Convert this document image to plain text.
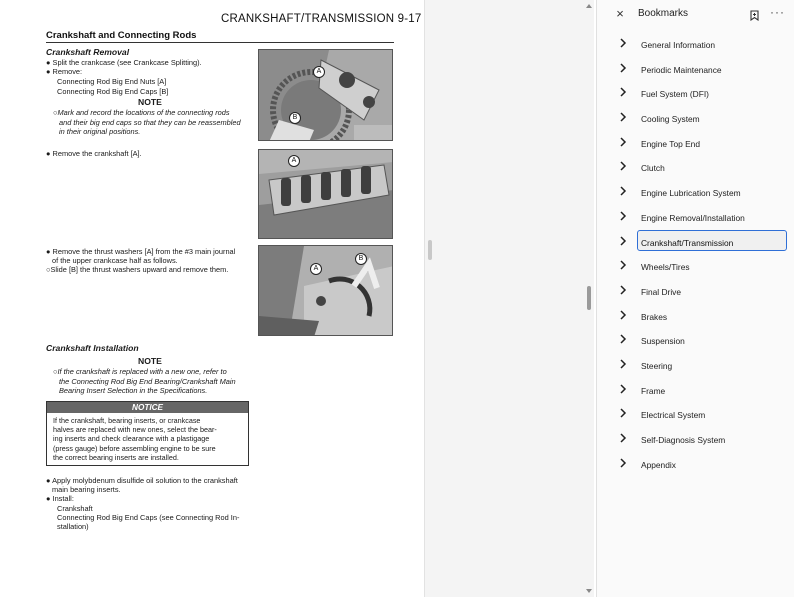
CRANKSHAFT/TRANSMISSION 9-17
Crankshaft and Connecting Rods
Crankshaft Removal
● Split the crankcase (see Crankcase Splitting).
● Remove:
Connecting Rod Big End Nuts [A]
Connecting Rod Big End Caps [B]
NOTE
○Mark and record the locations of the connecting rods
and their big end caps so that they can be reassembled
in their original positions.
● Remove the crankshaft [A].
● Remove the thrust washers [A] from the #3 main journal
of the upper crankcase half as follows.
○Slide [B] the thrust washers upward and remove them.
A
B
A
A
B
Crankshaft Installation
NOTE
○If the crankshaft is replaced with a new one, refer to
the Connecting Rod Big End Bearing/Crankshaft Main
Bearing Insert Selection in the Specifications.
NOTICE
If the crankshaft, bearing inserts, or crankcase
halves are replaced with new ones, select the bear-
ing inserts and check clearance with a plastigage
(press gauge) before assembling engine to be sure
the correct bearing inserts are installed.
● Apply molybdenum disulfide oil solution to the crankshaft
main bearing inserts.
● Install:
Crankshaft
Connecting Rod Big End Caps (see Connecting Rod In-
stallation)
×	Bookmarks	···
General Information
Periodic Maintenance
Fuel System (DFI)
Cooling System
Engine Top End
Clutch
Engine Lubrication System
Engine Removal/Installation
Crankshaft/Transmission
Wheels/Tires
Final Drive
Brakes
Suspension
Steering
Frame
Electrical System
Self-Diagnosis System
Appendix
